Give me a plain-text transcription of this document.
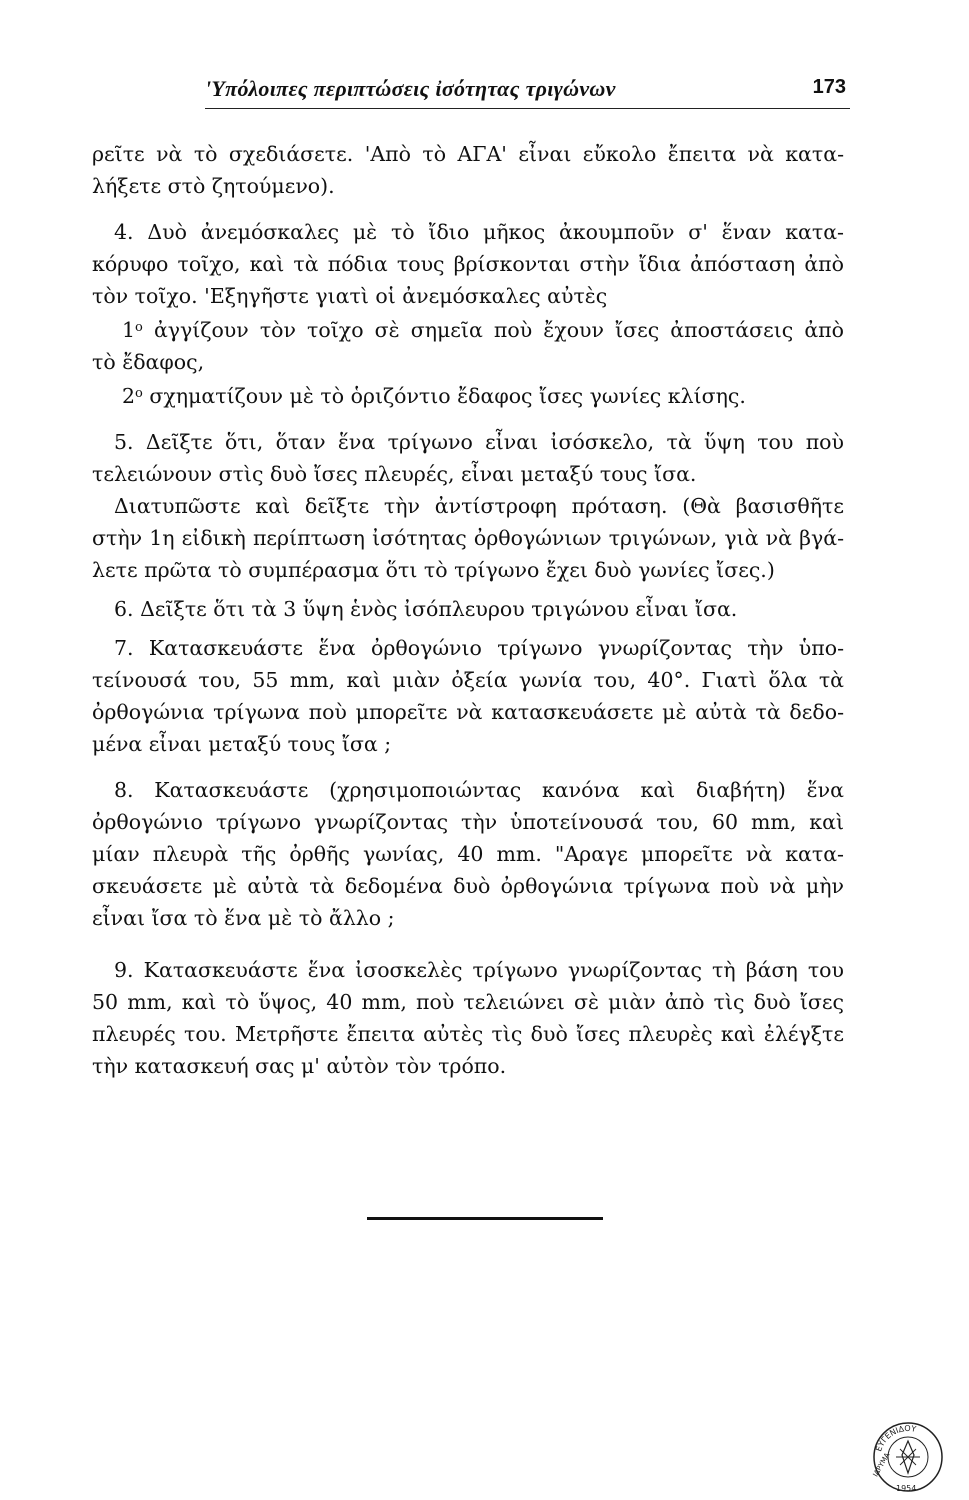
'Υπόλοιπες περιπτώσεις ἰσότητας τριγώνων	173
ρεῖτε νὰ τὸ σχεδιάσετε. 'Απὸ τὸ ΑΓΑ' εἶναι εὔκολο ἔπειτα νὰ κατα-
λήξετε στὸ ζητούμενο).
4. Δυὸ ἀνεμόσκαλες μὲ τὸ ἴδιο μῆκος ἀκουμποῦν σ' ἕναν κατα-
κόρυφο τοῖχο, καὶ τὰ πόδια τους βρίσκονται στὴν ἴδια ἀπόσταση ἀπὸ
τὸν τοῖχο. 'Εξηγῆστε γιατὶ οἱ ἀνεμόσκαλες αὐτὲς
$1^o$ ἀγγίζουν τὸν τοῖχο σὲ σημεῖα ποὺ ἔχουν ἴσες ἀποστάσεις ἀπὸ
τὸ ἔδαφος,
$2^o$ σχηματίζουν μὲ τὸ ὁριζόντιο ἔδαφος ἴσες γωνίες κλίσης.
5. Δεῖξτε ὅτι, ὅταν ἕνα τρίγωνο εἶναι ἰσόσκελο, τὰ ὕψη του ποὺ
τελειώνουν στὶς δυὸ ἴσες πλευρές, εἶναι μεταξύ τους ἴσα.
Διατυπῶστε καὶ δεῖξτε τὴν ἀντίστροφη πρόταση. (Θὰ βασισθῆτε
στὴν 1η εἰδικὴ περίπτωση ἰσότητας ὀρθογώνιων τριγώνων, γιὰ νὰ βγά-
λετε πρῶτα τὸ συμπέρασμα ὅτι τὸ τρίγωνο ἔχει δυὸ γωνίες ἴσες.)
6. Δεῖξτε ὅτι τὰ 3 ὕψη ἑνὸς ἰσόπλευρου τριγώνου εἶναι ἴσα.
7. Κατασκευάστε ἕνα ὀρθογώνιο τρίγωνο γνωρίζοντας τὴν ὑπο-
τείνουσά του, 55 mm, καὶ μιὰν ὀξεία γωνία του, 40°. Γιατὶ ὅλα τὰ
ὀρθογώνια τρίγωνα ποὺ μπορεῖτε νὰ κατασκευάσετε μὲ αὐτὰ τὰ δεδο-
μένα εἶναι μεταξύ τους ἴσα ;
8. Κατασκευάστε (χρησιμοποιώντας κανόνα καὶ διαβήτη) ἕνα
ὀρθογώνιο τρίγωνο γνωρίζοντας τὴν ὑποτείνουσά του, 60 mm, καὶ
μίαν πλευρὰ τῆς ὀρθῆς γωνίας, 40 mm. "Αραγε μπορεῖτε νὰ κατα-
σκευάσετε μὲ αὐτὰ τὰ δεδομένα δυὸ ὀρθογώνια τρίγωνα ποὺ νὰ μὴν
εἶναι ἴσα τὸ ἕνα μὲ τὸ ἄλλο ;
9. Κατασκευάστε ἕνα ἰσοσκελὲς τρίγωνο γνωρίζοντας τὴ βάση του
50 mm, καὶ τὸ ὕψος, 40 mm, ποὺ τελειώνει σὲ μιὰν ἀπὸ τὶς δυὸ ἴσες
πλευρές του. Μετρῆστε ἔπειτα αὐτὲς τὶς δυὸ ἴσες πλευρὲς καὶ ἐλέγξτε
τὴν κατασκευή σας μ' αὐτὸν τὸν τρόπο.
ΕΥΓΕΝΙΔΟΥ
ΙΔΡΥΜΑ
1954
